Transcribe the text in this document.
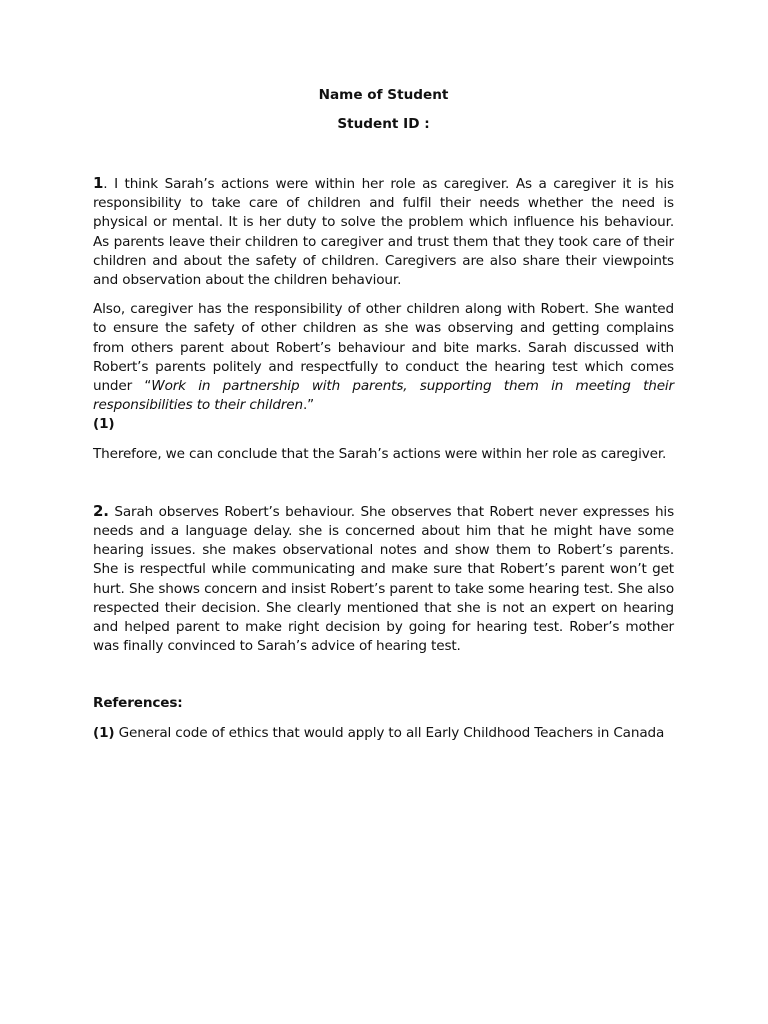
Name of Student
Student ID :

1. I think Sarah’s actions were within her role as caregiver. As a caregiver it is his responsibility to take care of children and fulfil their needs whether the need is physical or mental. It is her duty to solve the problem which influence his behaviour. As parents leave their children to caregiver and trust them that they took care of their children and about the safety of children. Caregivers are also share their viewpoints and observation about the children behaviour.

Also, caregiver has the responsibility of other children along with Robert. She wanted to ensure the safety of other children as she was observing and getting complains from others parent about Robert’s behaviour and bite marks. Sarah discussed with Robert’s parents politely and respectfully to conduct the hearing test which comes under “Work in partnership with parents, supporting them in meeting their responsibilities to their children.”
(1)

Therefore, we can conclude that the Sarah’s actions were within her role as caregiver.

2. Sarah observes Robert’s behaviour. She observes that Robert never expresses his needs and a language delay. she is concerned about him that he might have some hearing issues. she makes observational notes and show them to Robert’s parents. She is respectful while communicating and make sure that Robert’s parent won’t get hurt. She shows concern and insist Robert’s parent to take some hearing test. She also respected their decision. She clearly mentioned that she is not an expert on hearing and helped parent to make right decision by going for hearing test. Rober’s mother was finally convinced to Sarah’s advice of hearing test.

References:

(1) General code of ethics that would apply to all Early Childhood Teachers in Canada
